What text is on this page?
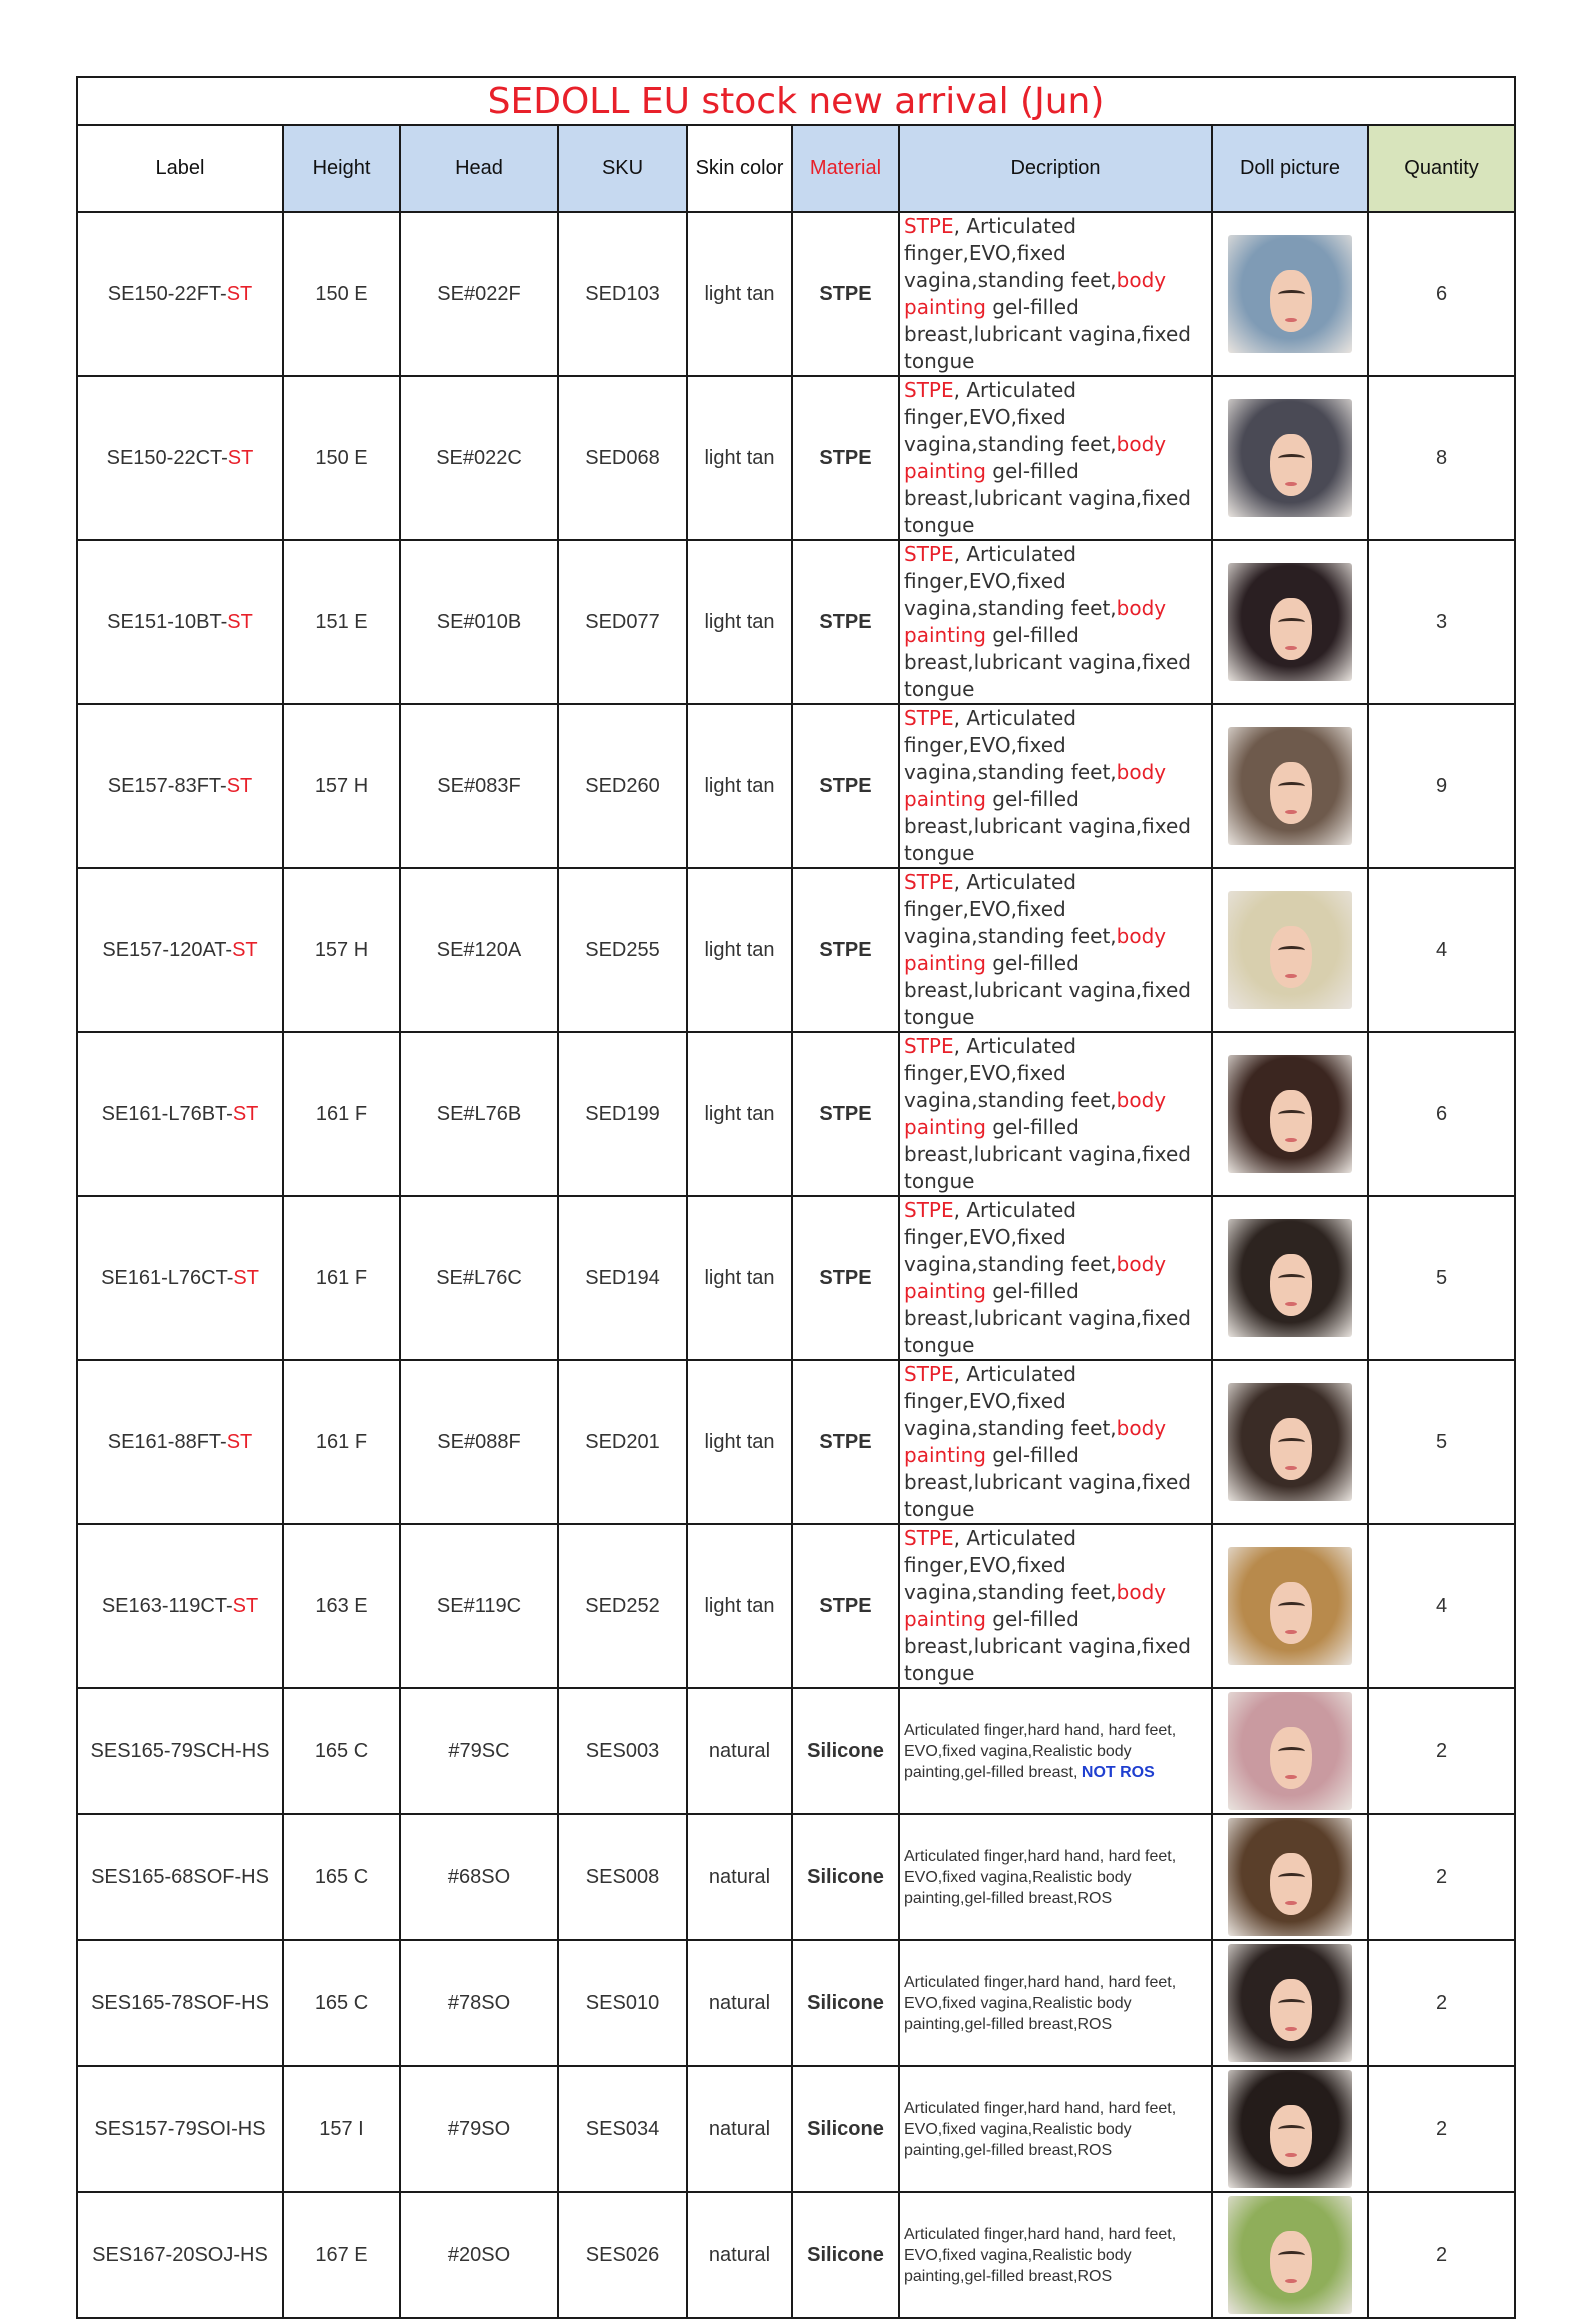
SEDOLL EU stock new arrival (Jun)								
Label	Height	Head	SKU	Skin color	Material	Decription	Doll picture	Quantity
SE150-22FT-ST	150 E	SE#022F	SED103	light tan	STPE	STPE, Articulated finger,EVO,fixed vagina,standing feet,body painting gel-filled breast,lubricant vagina,fixed tongue		6
SE150-22CT-ST	150 E	SE#022C	SED068	light tan	STPE	STPE, Articulated finger,EVO,fixed vagina,standing feet,body painting gel-filled breast,lubricant vagina,fixed tongue		8
SE151-10BT-ST	151 E	SE#010B	SED077	light tan	STPE	STPE, Articulated finger,EVO,fixed vagina,standing feet,body painting gel-filled breast,lubricant vagina,fixed tongue		3
SE157-83FT-ST	157 H	SE#083F	SED260	light tan	STPE	STPE, Articulated finger,EVO,fixed vagina,standing feet,body painting gel-filled breast,lubricant vagina,fixed tongue		9
SE157-120AT-ST	157 H	SE#120A	SED255	light tan	STPE	STPE, Articulated finger,EVO,fixed vagina,standing feet,body painting gel-filled breast,lubricant vagina,fixed tongue		4
SE161-L76BT-ST	161 F	SE#L76B	SED199	light tan	STPE	STPE, Articulated finger,EVO,fixed vagina,standing feet,body painting gel-filled breast,lubricant vagina,fixed tongue		6
SE161-L76CT-ST	161 F	SE#L76C	SED194	light tan	STPE	STPE, Articulated finger,EVO,fixed vagina,standing feet,body painting gel-filled breast,lubricant vagina,fixed tongue		5
SE161-88FT-ST	161 F	SE#088F	SED201	light tan	STPE	STPE, Articulated finger,EVO,fixed vagina,standing feet,body painting gel-filled breast,lubricant vagina,fixed tongue		5
SE163-119CT-ST	163 E	SE#119C	SED252	light tan	STPE	STPE, Articulated finger,EVO,fixed vagina,standing feet,body painting gel-filled breast,lubricant vagina,fixed tongue		4
SES165-79SCH-HS	165 C	#79SC	SES003	natural	Silicone	Articulated finger,hard hand, hard feet, EVO,fixed vagina,Realistic body painting,gel-filled breast, NOT ROS		2
SES165-68SOF-HS	165 C	#68SO	SES008	natural	Silicone	Articulated finger,hard hand, hard feet, EVO,fixed vagina,Realistic body painting,gel-filled breast,ROS		2
SES165-78SOF-HS	165 C	#78SO	SES010	natural	Silicone	Articulated finger,hard hand, hard feet, EVO,fixed vagina,Realistic body painting,gel-filled breast,ROS		2
SES157-79SOI-HS	157 I	#79SO	SES034	natural	Silicone	Articulated finger,hard hand, hard feet, EVO,fixed vagina,Realistic body painting,gel-filled breast,ROS		2
SES167-20SOJ-HS	167 E	#20SO	SES026	natural	Silicone	Articulated finger,hard hand, hard feet, EVO,fixed vagina,Realistic body painting,gel-filled breast,ROS		2
